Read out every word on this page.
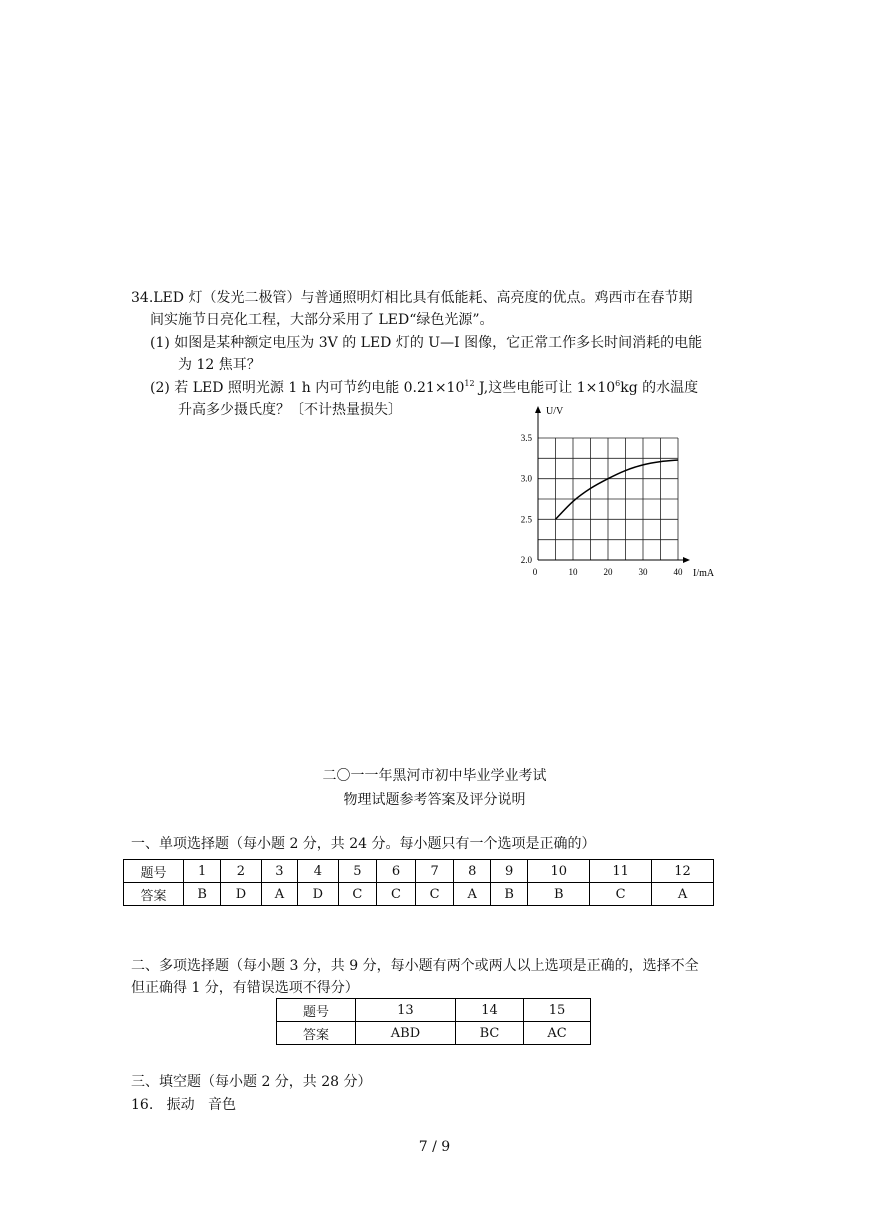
34.LED 灯（发光二极管）与普通照明灯相比具有低能耗、高亮度的优点。鸡西市在春节期
间实施节日亮化工程，大部分采用了 LED“绿色光源”。
(1) 如图是某种额定电压为 3V 的 LED 灯的 U—I 图像，它正常工作多长时间消耗的电能
为 12 焦耳？
(2) 若 LED 照明光源 1 h 内可节约电能 $0.21\times 10^{12}$ J,这些电能可让 $1\times 10^6kg$ 的水温度
升高多少摄氏度？〔不计热量损失〕
0	10	20	30	40
2.0
2.5
3.0
3.5
U/V
I/mA
二〇一一年黑河市初中毕业学业考试
物理试题参考答案及评分说明
一、单项选择题（每小题 2 分，共 24 分。每小题只有一个选项是正确的）
题号	1	2	3	4	5	6	7	8	9	10	11	12
答案	B	D	A	D	C	C	C	A	B	B	C	A
二、多项选择题（每小题 3 分，共 9 分，每小题有两个或两人以上选项是正确的，选择不全
但正确得 1 分，有错误选项不得分）
题号	13	14	15
答案	ABD	BC	AC
三、填空题（每小题 2 分，共 28 分）
16.   振动   音色
7 / 9
